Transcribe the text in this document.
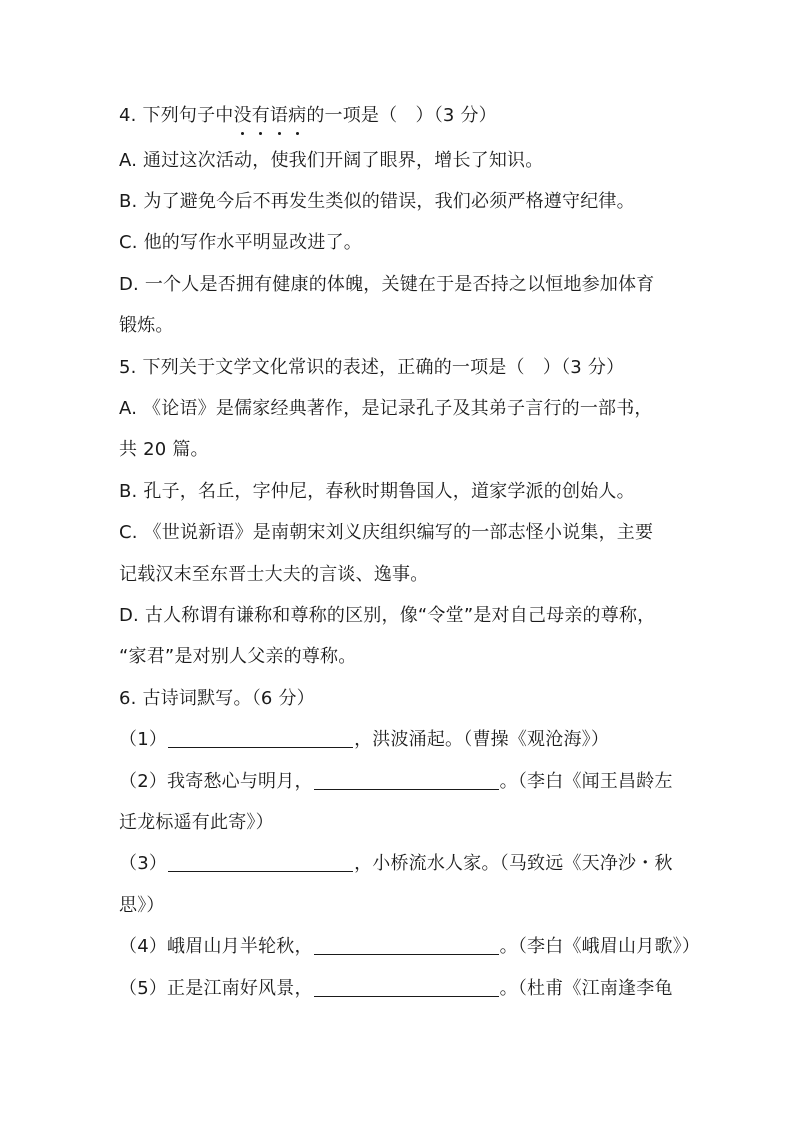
4. 下列句子中没有语病的一项是（　）（3 分）
A. 通过这次活动，使我们开阔了眼界，增长了知识。
B. 为了避免今后不再发生类似的错误，我们必须严格遵守纪律。
C. 他的写作水平明显改进了。
D. 一个人是否拥有健康的体魄，关键在于是否持之以恒地参加体育
锻炼。
5. 下列关于文学文化常识的表述，正确的一项是（　）（3 分）
A. 《论语》是儒家经典著作，是记录孔子及其弟子言行的一部书，
共 20 篇。
B. 孔子，名丘，字仲尼，春秋时期鲁国人，道家学派的创始人。
C. 《世说新语》是南朝宋刘义庆组织编写的一部志怪小说集，主要
记载汉末至东晋士大夫的言谈、逸事。
D. 古人称谓有谦称和尊称的区别，像“令堂”是对自己母亲的尊称，
“家君”是对别人父亲的尊称。
6. 古诗词默写。（6 分）
（1）	，洪波涌起。（曹操《观沧海》）
（2）我寄愁心与明月，	。（李白《闻王昌龄左
迁龙标遥有此寄》）
（3）	，小桥流水人家。（马致远《天净沙・秋
思》）
（4）峨眉山月半轮秋，	。（李白《峨眉山月歌》）
（5）正是江南好风景，	。（杜甫《江南逢李龟
